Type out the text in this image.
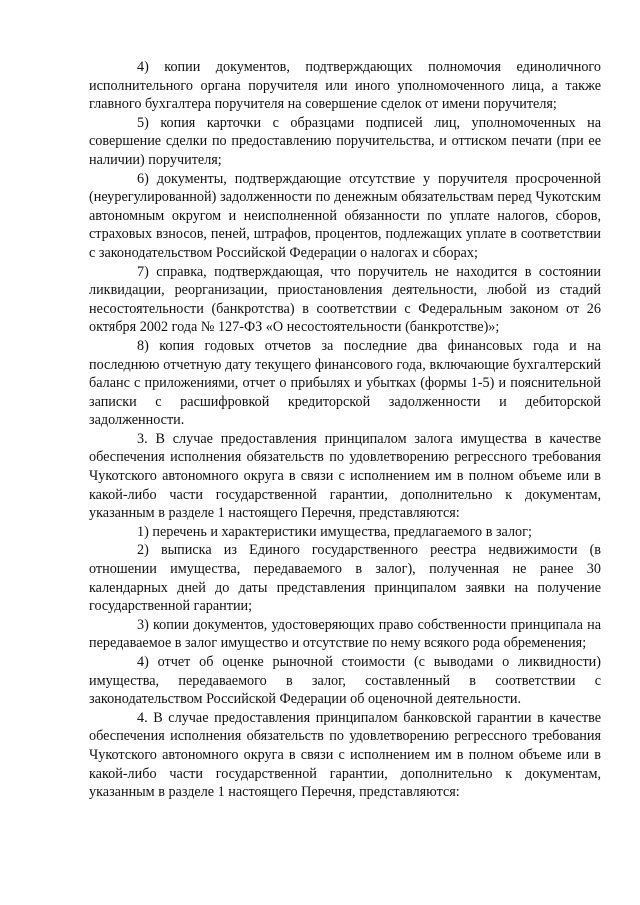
4) копии документов, подтверждающих полномочия единоличного исполнительного органа поручителя или иного уполномоченного лица, а также главного бухгалтера поручителя на совершение сделок от имени поручителя;

5) копия карточки с образцами подписей лиц, уполномоченных на совершение сделки по предоставлению поручительства, и оттиском печати (при ее наличии) поручителя;

6) документы, подтверждающие отсутствие у поручителя просроченной (неурегулированной) задолженности по денежным обязательствам перед Чукотским автономным округом и неисполненной обязанности по уплате налогов, сборов, страховых взносов, пеней, штрафов, процентов, подлежащих уплате в соответствии с законодательством Российской Федерации о налогах и сборах;

7) справка, подтверждающая, что поручитель не находится в состоянии ликвидации, реорганизации, приостановления деятельности, любой из стадий несостоятельности (банкротства) в соответствии с Федеральным законом от 26 октября 2002 года № 127-ФЗ «О несостоятельности (банкротстве)»;

8) копия годовых отчетов за последние два финансовых года и на последнюю отчетную дату текущего финансового года, включающие бухгалтерский баланс с приложениями, отчет о прибылях и убытках (формы 1-5) и пояснительной записки с расшифровкой кредиторской задолженности и дебиторской задолженности.

3. В случае предоставления принципалом залога имущества в качестве обеспечения исполнения обязательств по удовлетворению регрессного требования Чукотского автономного округа в связи с исполнением им в полном объеме или в какой-либо части государственной гарантии, дополнительно к документам, указанным в разделе 1 настоящего Перечня, представляются:

1) перечень и характеристики имущества, предлагаемого в залог;

2) выписка из Единого государственного реестра недвижимости (в отношении имущества, передаваемого в залог), полученная не ранее 30 календарных дней до даты представления принципалом заявки на получение государственной гарантии;

3) копии документов, удостоверяющих право собственности принципала на передаваемое в залог имущество и отсутствие по нему всякого рода обременения;

4) отчет об оценке рыночной стоимости (с выводами о ликвидности) имущества, передаваемого в залог, составленный в соответствии с законодательством Российской Федерации об оценочной деятельности.

4. В случае предоставления принципалом банковской гарантии в качестве обеспечения исполнения обязательств по удовлетворению регрессного требования Чукотского автономного округа в связи с исполнением им в полном объеме или в какой-либо части государственной гарантии, дополнительно к документам, указанным в разделе 1 настоящего Перечня, представляются:
